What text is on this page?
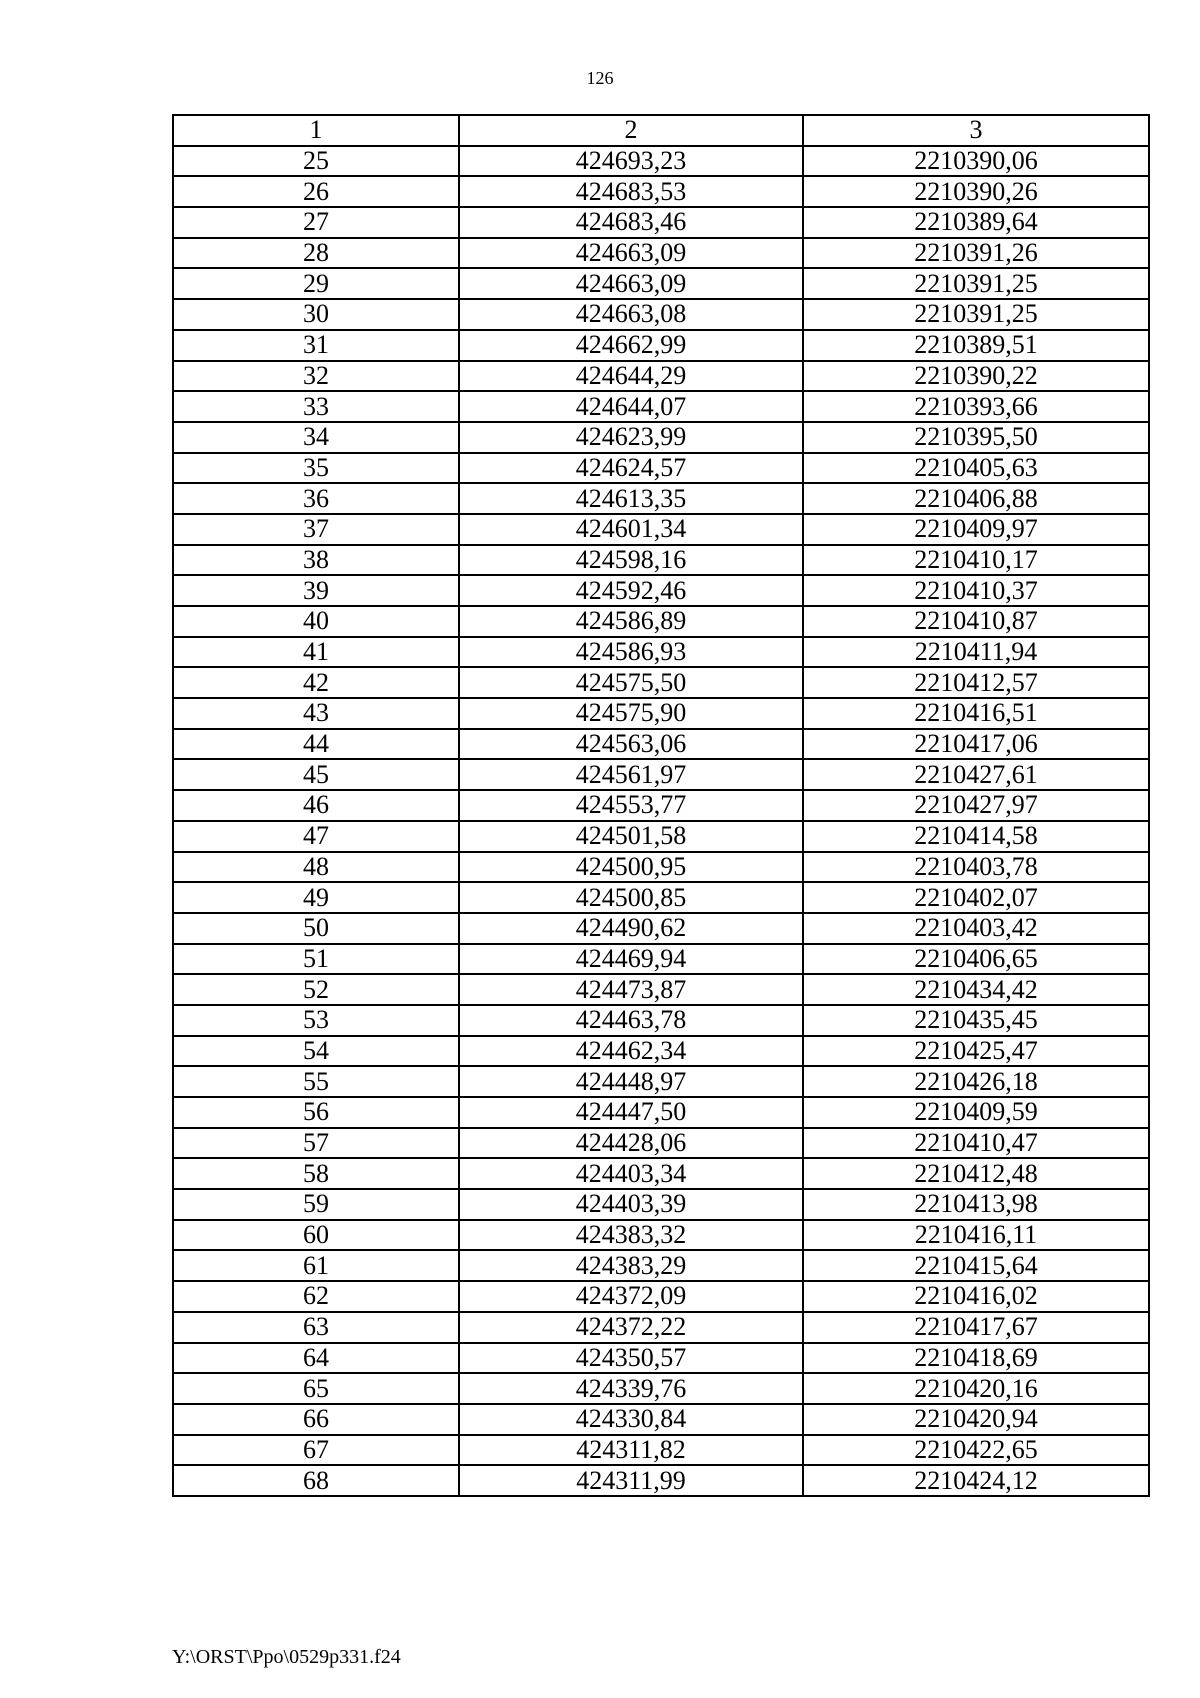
126
1	2	3
25	424693,23	2210390,06
26	424683,53	2210390,26
27	424683,46	2210389,64
28	424663,09	2210391,26
29	424663,09	2210391,25
30	424663,08	2210391,25
31	424662,99	2210389,51
32	424644,29	2210390,22
33	424644,07	2210393,66
34	424623,99	2210395,50
35	424624,57	2210405,63
36	424613,35	2210406,88
37	424601,34	2210409,97
38	424598,16	2210410,17
39	424592,46	2210410,37
40	424586,89	2210410,87
41	424586,93	2210411,94
42	424575,50	2210412,57
43	424575,90	2210416,51
44	424563,06	2210417,06
45	424561,97	2210427,61
46	424553,77	2210427,97
47	424501,58	2210414,58
48	424500,95	2210403,78
49	424500,85	2210402,07
50	424490,62	2210403,42
51	424469,94	2210406,65
52	424473,87	2210434,42
53	424463,78	2210435,45
54	424462,34	2210425,47
55	424448,97	2210426,18
56	424447,50	2210409,59
57	424428,06	2210410,47
58	424403,34	2210412,48
59	424403,39	2210413,98
60	424383,32	2210416,11
61	424383,29	2210415,64
62	424372,09	2210416,02
63	424372,22	2210417,67
64	424350,57	2210418,69
65	424339,76	2210420,16
66	424330,84	2210420,94
67	424311,82	2210422,65
68	424311,99	2210424,12
Y:\ORST\Ppo\0529p331.f24
